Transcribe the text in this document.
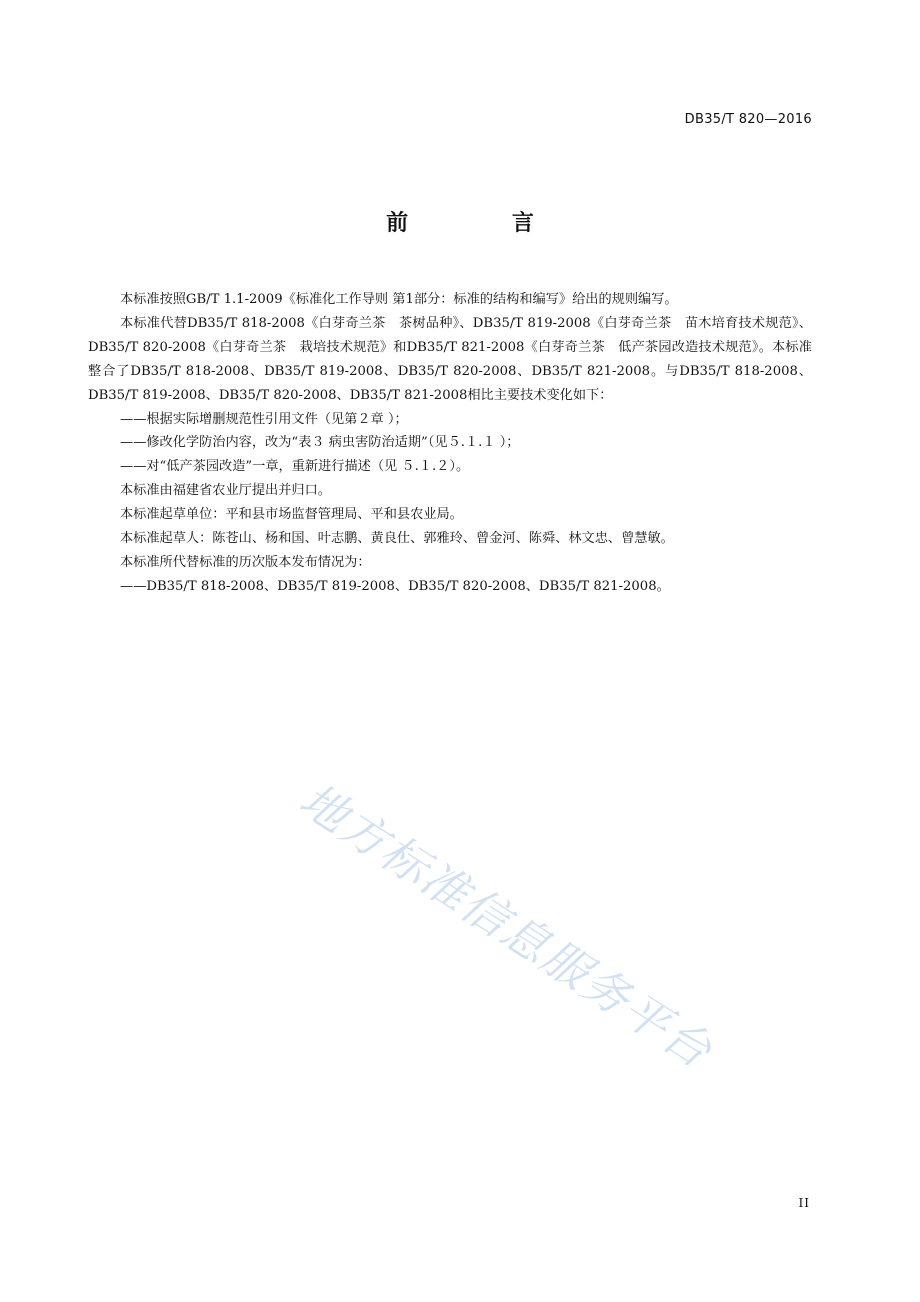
DB35/T 820—2016
前 言

本标准按照GB/T 1.1-2009《标准化工作导则 第1部分：标准的结构和编写》给出的规则编写。

本标准代替DB35/T 818-2008《白芽奇兰茶　茶树品种》、DB35/T 819-2008《白芽奇兰茶　苗木培育技术规范》、DB35/T 820-2008《白芽奇兰茶　栽培技术规范》和DB35/T 821-2008《白芽奇兰茶　低产茶园改造技术规范》。本标准整合了DB35/T 818-2008、DB35/T 819-2008、DB35/T 820-2008、DB35/T 821-2008。与DB35/T 818-2008、DB35/T 819-2008、DB35/T 820-2008、DB35/T 821-2008相比主要技术变化如下：

——根据实际增删规范性引用文件（见第２章 ）；

——修改化学防治内容，改为“表３ 病虫害防治适期”（见５.１.１ ）；

——对“低产茶园改造”一章，重新进行描述（见 ５.１.２）。

本标准由福建省农业厅提出并归口。

本标准起草单位：平和县市场监督管理局、平和县农业局。

本标准起草人：陈苍山、杨和国、叶志鹏、黄良仕、郭雅玲、曾金河、陈舜、林文忠、曾慧敏。

本标准所代替标准的历次版本发布情况为：

——DB35/T 818-2008、DB35/T 819-2008、DB35/T 820-2008、DB35/T 821-2008。

地方标准信息服务平台
II
